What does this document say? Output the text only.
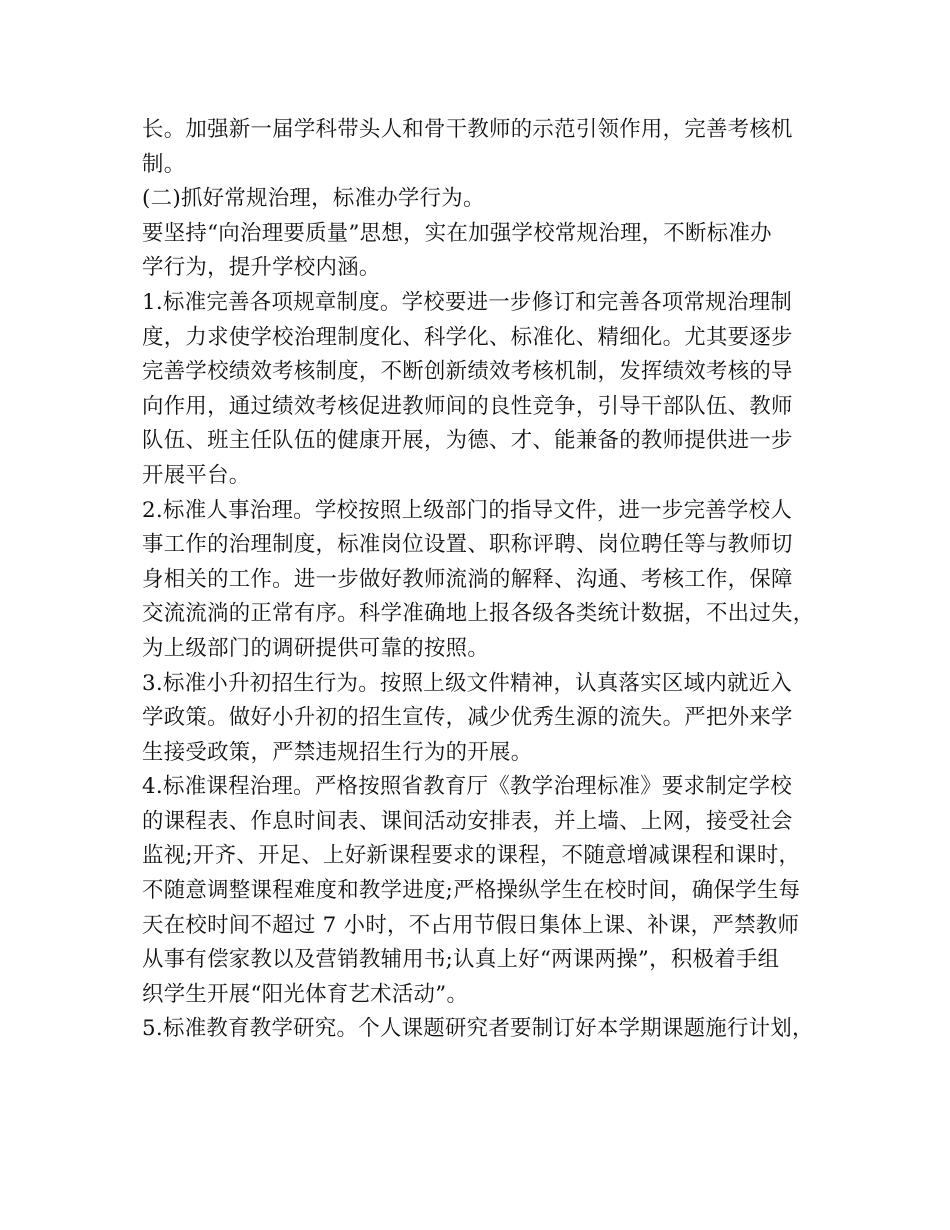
长。加强新一届学科带头人和骨干教师的示范引领作用，完善考核机
制。
(二)抓好常规治理，标准办学行为。
要坚持“向治理要质量”思想，实在加强学校常规治理，不断标准办
学行为，提升学校内涵。
1.标准完善各项规章制度。学校要进一步修订和完善各项常规治理制
度，力求使学校治理制度化、科学化、标准化、精细化。尤其要逐步
完善学校绩效考核制度，不断创新绩效考核机制，发挥绩效考核的导
向作用，通过绩效考核促进教师间的良性竞争，引导干部队伍、教师
队伍、班主任队伍的健康开展，为德、才、能兼备的教师提供进一步
开展平台。
2.标准人事治理。学校按照上级部门的指导文件，进一步完善学校人
事工作的治理制度，标准岗位设置、职称评聘、岗位聘任等与教师切
身相关的工作。进一步做好教师流淌的解释、沟通、考核工作，保障
交流流淌的正常有序。科学准确地上报各级各类统计数据，不出过失，
为上级部门的调研提供可靠的按照。
3.标准小升初招生行为。按照上级文件精神，认真落实区域内就近入
学政策。做好小升初的招生宣传，减少优秀生源的流失。严把外来学
生接受政策，严禁违规招生行为的开展。
4.标准课程治理。严格按照省教育厅《教学治理标准》要求制定学校
的课程表、作息时间表、课间活动安排表，并上墙、上网，接受社会
监视;开齐、开足、上好新课程要求的课程，不随意增减课程和课时，
不随意调整课程难度和教学进度;严格操纵学生在校时间，确保学生每
天在校时间不超过 7 小时，不占用节假日集体上课、补课，严禁教师
从事有偿家教以及营销教辅用书;认真上好“两课两操”，积极着手组
织学生开展“阳光体育艺术活动”。
5.标准教育教学研究。个人课题研究者要制订好本学期课题施行计划，
